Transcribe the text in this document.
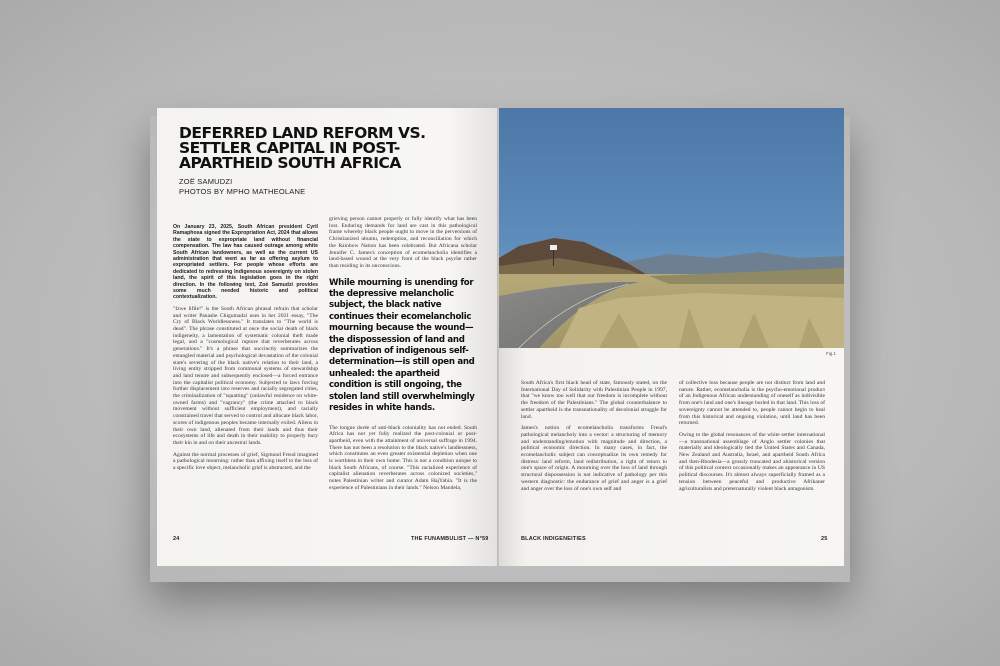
DEFERRED LAND REFORM VS. SETTLER CAPITAL IN POST-APARTHEID SOUTH AFRICA
ZOË SAMUDZI
PHOTOS BY MPHO MATHEOLANE

On January 23, 2025, South African president Cyril Ramaphosa signed the Expropriation Act, 2024 that allows the state to expropriate land without financial compensation. The law has caused outrage among white South African landowners, as well as the current US administration that went as far as offering asylum to expropriated settlers. For people whose efforts are dedicated to redressing Indigenous sovereignty on stolen land, the spirit of this legislation goes in the right direction. In the following text, Zoé Samudzi provides some much needed historic and political contextualization.

"Izwe lifile!" is the South African phrasal refrain that scholar and writer Panashe Chigumadzi uses in her 2021 essay, "The Cry of Black Worldlessness." It translates to "The world is dead". The phrase constituted at once the social death of black indigeneity, a lamentation of systematic colonial theft made legal, and a "cosmological rupture that reverberates across generations." It's a phrase that succinctly summarizes the entangled material and psychological devastation of the colonial state's severing of the black native's relation to their land, a living entity stripped from communal systems of stewardship and land tenure and subsequently enclosed—a forced entrance into the capitalist political economy. Subjected to laws forcing further displacement into reserves and racially segregated cities, the criminalization of "squatting" (unlawful residence on white-owned farms) and "vagrancy" (the crime attached to black movement without sufficient employment), and racially constrained travel that served to control and allocate black labor, scores of indigenous peoples became internally exiled. Aliens in their own land, alienated from their lands and thus their ecosystems of life and death in their inability to properly bury their kin in and on their ancestral lands.

Against the normal processes of grief, Sigmund Freud imagined a pathological mourning: rather than affixing itself to the loss of a specific love object, melancholic grief is abstracted, and the

grieving person cannot properly or fully identify what has been lost. Enduring demands for land are cast in this pathological frame whereby black people ought to move in the perversions of Christianized ubuntu, redemption, and reconciliation for which the Rainbow Nation has been celebrated. But Africana scholar Jennifer C. James's conception of ecomelancholia identifies a land-based wound at the very front of the black psyche rather than residing in its unconscious.

While mourning is unending for the depressive melancholic subject, the black native continues their ecomelancholic mourning because the wound—the dispossession of land and deprivation of indigenous self-determination—is still open and unhealed: the apartheid condition is still ongoing, the stolen land still overwhelmingly resides in white hands.

The longue durée of anti-black coloniality has not ended. South Africa has not yet fully realized the post-colonial or post-apartheid, even with the attainment of universal suffrage in 1994. There has not been a resolution to the black native's landlessness, which constitutes an even greater existential depletion when one is worthless in their own home. This is not a condition unique to black South Africans, of course. "This racialized experience of capitalist alienation reverberates across colonized societies," notes Palestinian writer and curator Adam HajYahia. "It is the experience of Palestinians in their lands." Nelson Mandela,

24	THE FUNAMBULIST — N°59
Fig.1

South Africa's first black head of state, famously stated, on the International Day of Solidarity with Palestinian People in 1997, that "we know too well that our freedom is incomplete without the freedom of the Palestinians." The global counterbalance to settler apartheid is the transnationality of decolonial struggle for land.

James's notion of ecomelancholia transforms Freud's pathological melancholy into a vector: a structuring of memory and understanding/emotion with magnitude and direction, a political economic direction. In many cases, in fact, the ecomelancholic subject can conceptualize its own remedy for distress: land reform, land redistribution, a right of return to one's space of origin. A mourning over the loss of land through structural dispossession is not indicative of pathology per this western diagnostic: the endurance of grief and anger is a grief and anger over the loss of one's own self and

of collective loss because people are not distinct from land and nature. Rather, ecomelancholia is the psycho-emotional product of an Indigenous African understanding of oneself as indivisible from one's land and one's lineage buried in that land. This loss of sovereignty cannot be attended to, people cannot begin to heal from this historical and ongoing violation, until land has been returned.

Owing to the global resonances of the white settler international—a transnational assemblage of Anglo settler colonies that materially and ideologically tied the United States and Canada, New Zealand and Australia, Israel, and apartheid South Africa and then-Rhodesia—a grossly truncated and ahistorical version of this political context occasionally makes an appearance in US political discourses. It's almost always superficially framed as a tension between peaceful and productive Afrikaner agriculturalists and preternaturally violent black antagonists.

BLACK INDIGENEITIES	25
